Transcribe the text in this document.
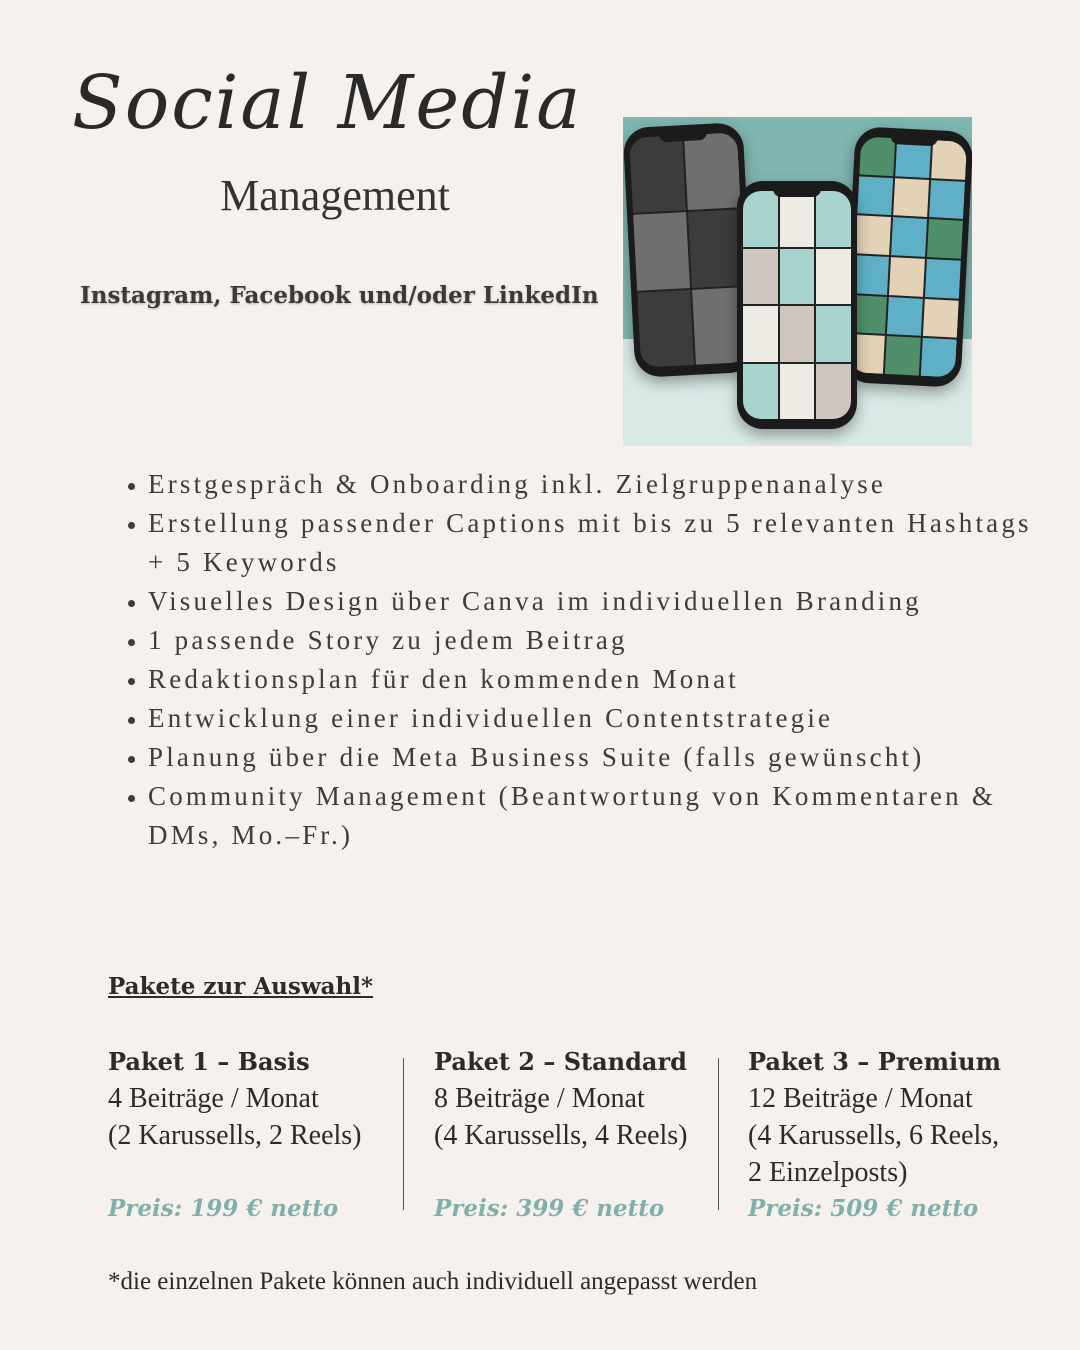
Social Media
Management
Instagram, Facebook und/oder LinkedIn
• Erstgespräch & Onboarding inkl. Zielgruppenanalyse
• Erstellung passender Captions mit bis zu 5 relevanten Hashtags + 5 Keywords
• Visuelles Design über Canva im individuellen Branding
• 1 passende Story zu jedem Beitrag
• Redaktionsplan für den kommenden Monat
• Entwicklung einer individuellen Contentstrategie
• Planung über die Meta Business Suite (falls gewünscht)
• Community Management (Beantwortung von Kommentaren & DMs, Mo.–Fr.)
Pakete zur Auswahl*
Paket 1 – Basis
4 Beiträge / Monat
(2 Karussells, 2 Reels)
Preis: 199 € netto
Paket 2 – Standard
8 Beiträge / Monat
(4 Karussells, 4 Reels)
Preis: 399 € netto
Paket 3 – Premium
12 Beiträge / Monat
(4 Karussells, 6 Reels,
2 Einzelposts)
Preis: 509 € netto
*die einzelnen Pakete können auch individuell angepasst werden
